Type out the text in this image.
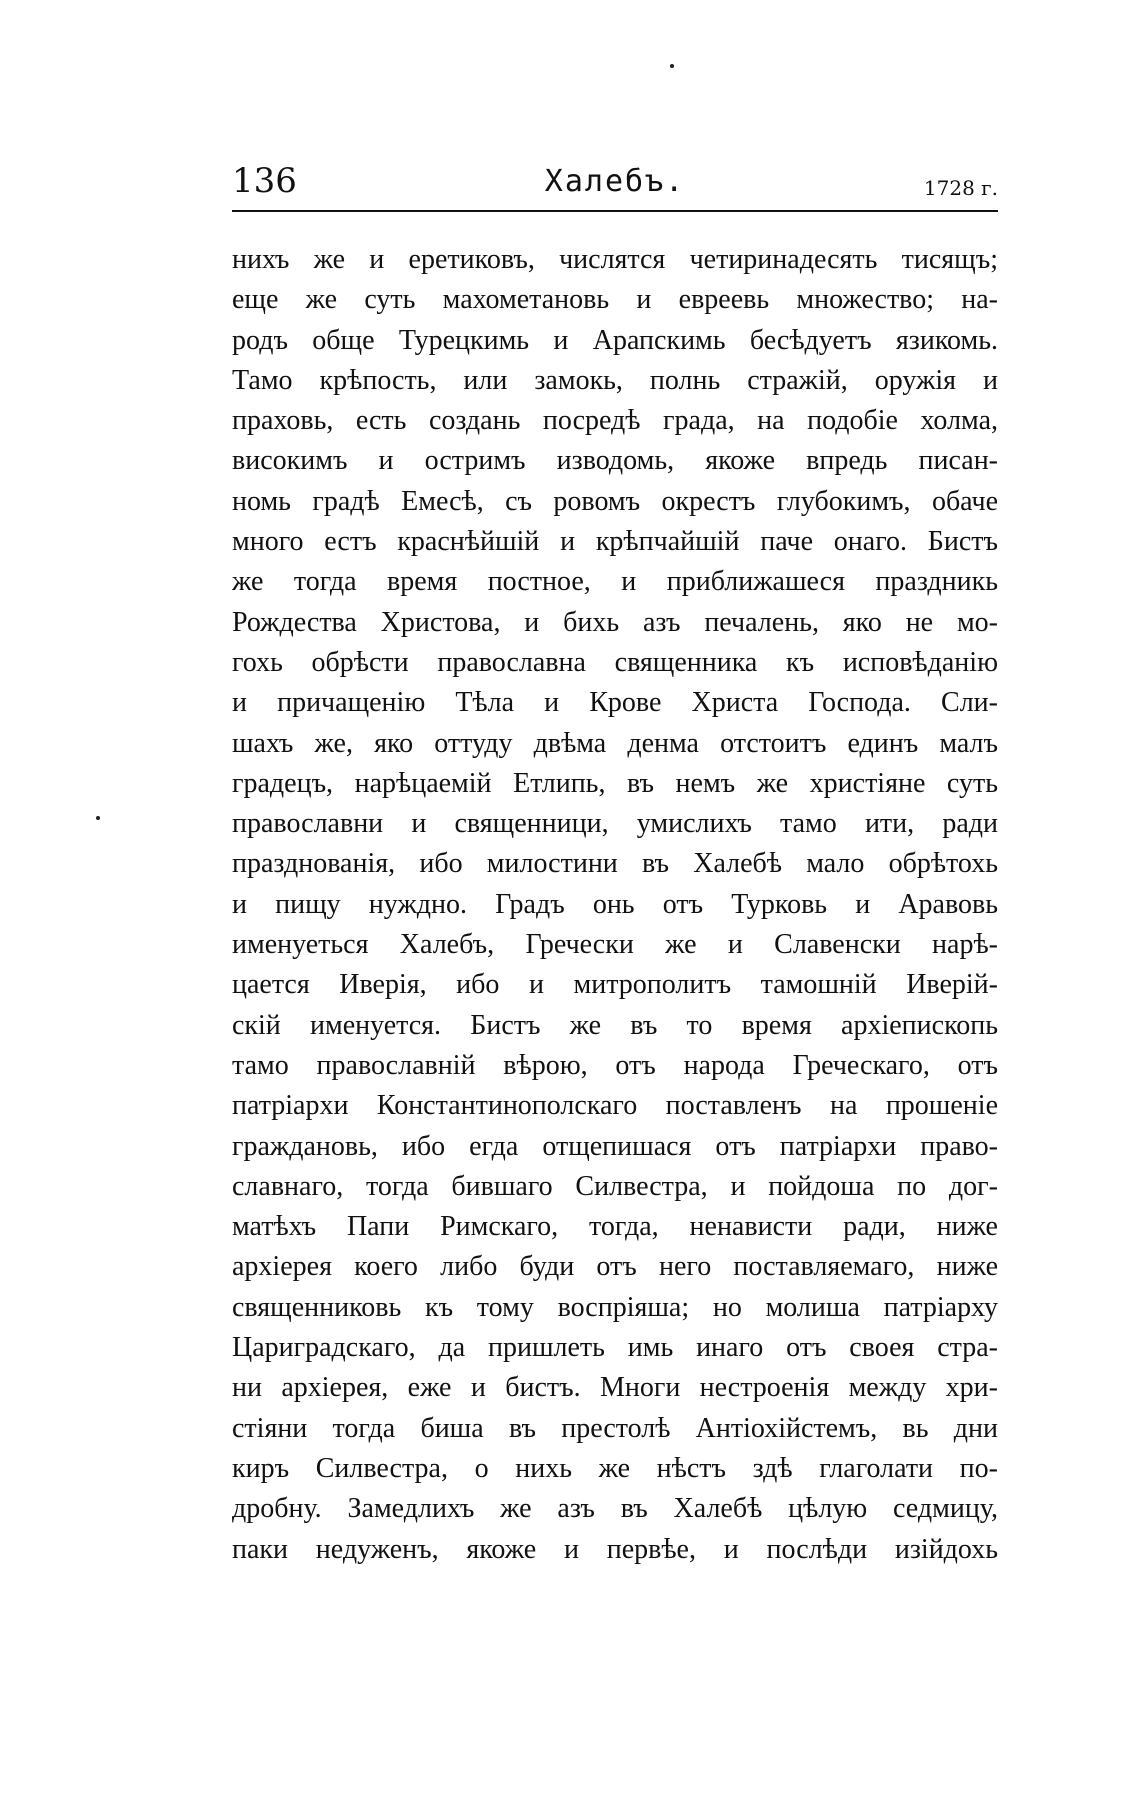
136	Халебъ.	1728 г.
нихъ же и еретиковъ, числятся четиринадесять тисящъ;
еще же суть махометановь и евреевь множество; на-
родъ обще Турецкимь и Арапскимь бесѣдуетъ язикомь.
Тамо крѣпость, или замокь, полнь стражій, оружія и
праховь, есть создань посредѣ града, на подобіе холма,
високимъ и остримъ изводомь, якоже впредь писан-
номь градѣ Емесѣ, съ ровомъ окрестъ глубокимъ, обаче
много естъ краснѣйшій и крѣпчайшій паче онаго. Бистъ
же тогда время постное, и приближашеся праздникь
Рождества Христова, и бихь азъ печалень, яко не мо-
гохь обрѣсти православна священника къ исповѣданію
и причащенію Тѣла и Крове Христа Господа. Сли-
шахъ же, яко оттуду двѣма денма отстоитъ единъ малъ
градецъ, нарѣцаемій Етлипь, въ немъ же христіяне суть
православни и священници, умислихъ тамо ити, ради
празднованія, ибо милостини въ Халебѣ мало обрѣтохь
и пищу нуждно. Градъ онь отъ Турковь и Аравовь
именуеться Халебъ, Гречески же и Славенски нарѣ-
цается Иверія, ибо и митрополитъ тамошній Иверій-
скій именуется. Бистъ же въ то время архіепископь
тамо православній вѣрою, отъ народа Греческаго, отъ
патріархи Константинополскаго поставленъ на прошеніе
граждановь, ибо егда отщепишася отъ патріархи право-
славнаго, тогда бившаго Силвестра, и пойдоша по дог-
матѣхъ Папи Римскаго, тогда, ненависти ради, ниже
архіерея коего либо буди отъ него поставляемаго, ниже
священниковь къ тому воспріяша; но молиша патріарху
Цариградскаго, да пришлеть имь инаго отъ своея стра-
ни архіерея, еже и бистъ. Многи нестроенія между хри-
стіяни тогда биша въ престолѣ Антіохійстемъ, вь дни
киръ Силвестра, о нихь же нѣстъ здѣ глаголати по-
дробну. Замедлихъ же азъ въ Халебѣ цѣлую седмицу,
паки недуженъ, якоже и первѣе, и послѣди изійдохь
